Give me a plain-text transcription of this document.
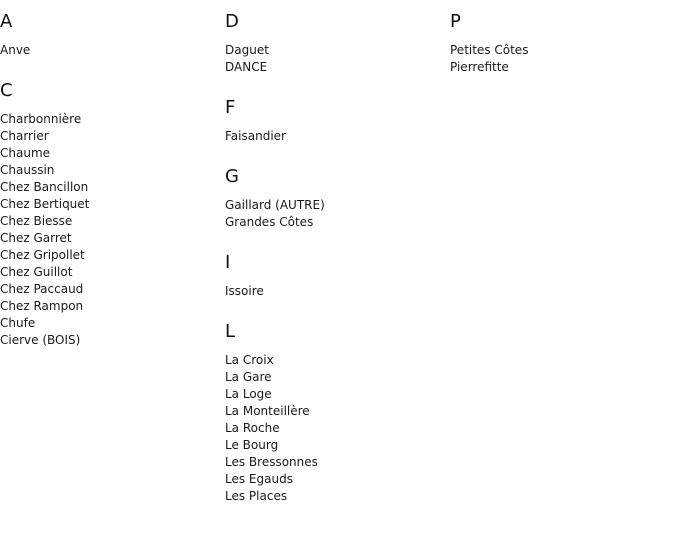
A
Anve
C
Charbonnière
Charrier
Chaume
Chaussin
Chez Bancillon
Chez Bertiquet
Chez Biesse
Chez Garret
Chez Gripollet
Chez Guillot
Chez Paccaud
Chez Rampon
Chufe
Cierve (BOIS)
D
Daguet
DANCE
F
Faisandier
G
Gaillard (AUTRE)
Grandes Côtes
I
Issoire
L
La Croix
La Gare
La Loge
La Monteillère
La Roche
Le Bourg
Les Bressonnes
Les Egauds
Les Places
P
Petites Côtes
Pierrefitte
